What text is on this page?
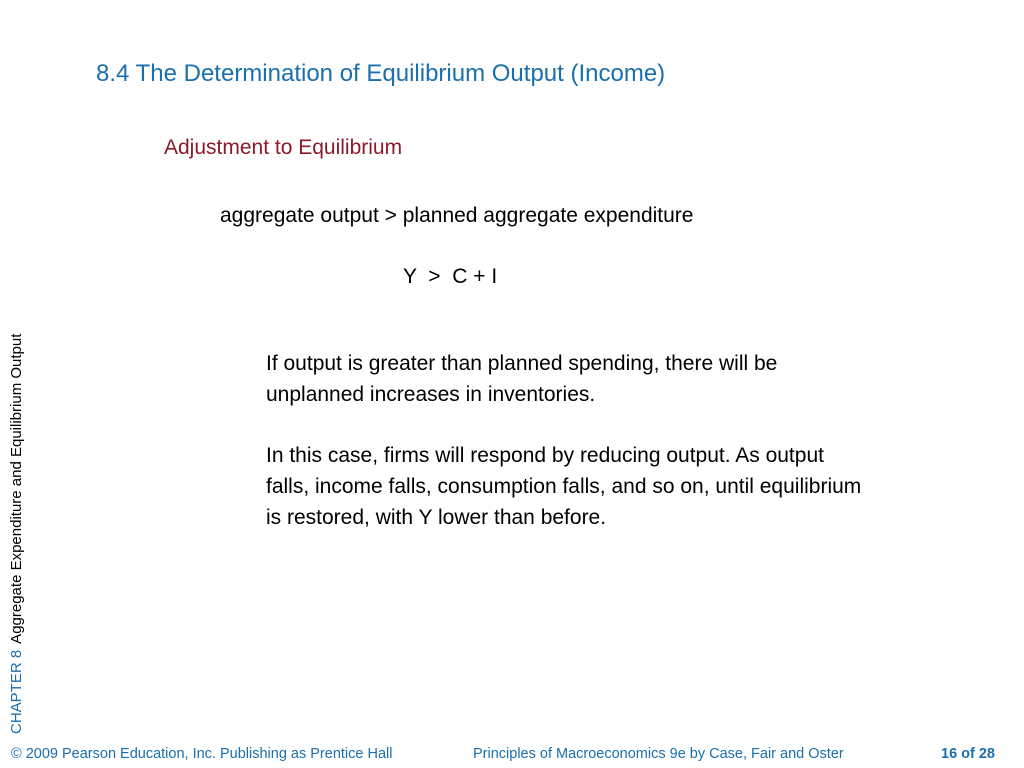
8.4 The Determination of Equilibrium Output (Income)
Adjustment to Equilibrium
aggregate output > planned aggregate expenditure
Y  >  C + I

If output is greater than planned spending, there will be unplanned increases in inventories.

In this case, firms will respond by reducing output. As output falls, income falls, consumption falls, and so on, until equilibrium is restored, with Y lower than before.

CHAPTER 8Aggregate Expenditure and Equilibrium Output
© 2009 Pearson Education, Inc. Publishing as Prentice Hall	Principles of Macroeconomics 9e by Case, Fair and Oster	16 of 28
